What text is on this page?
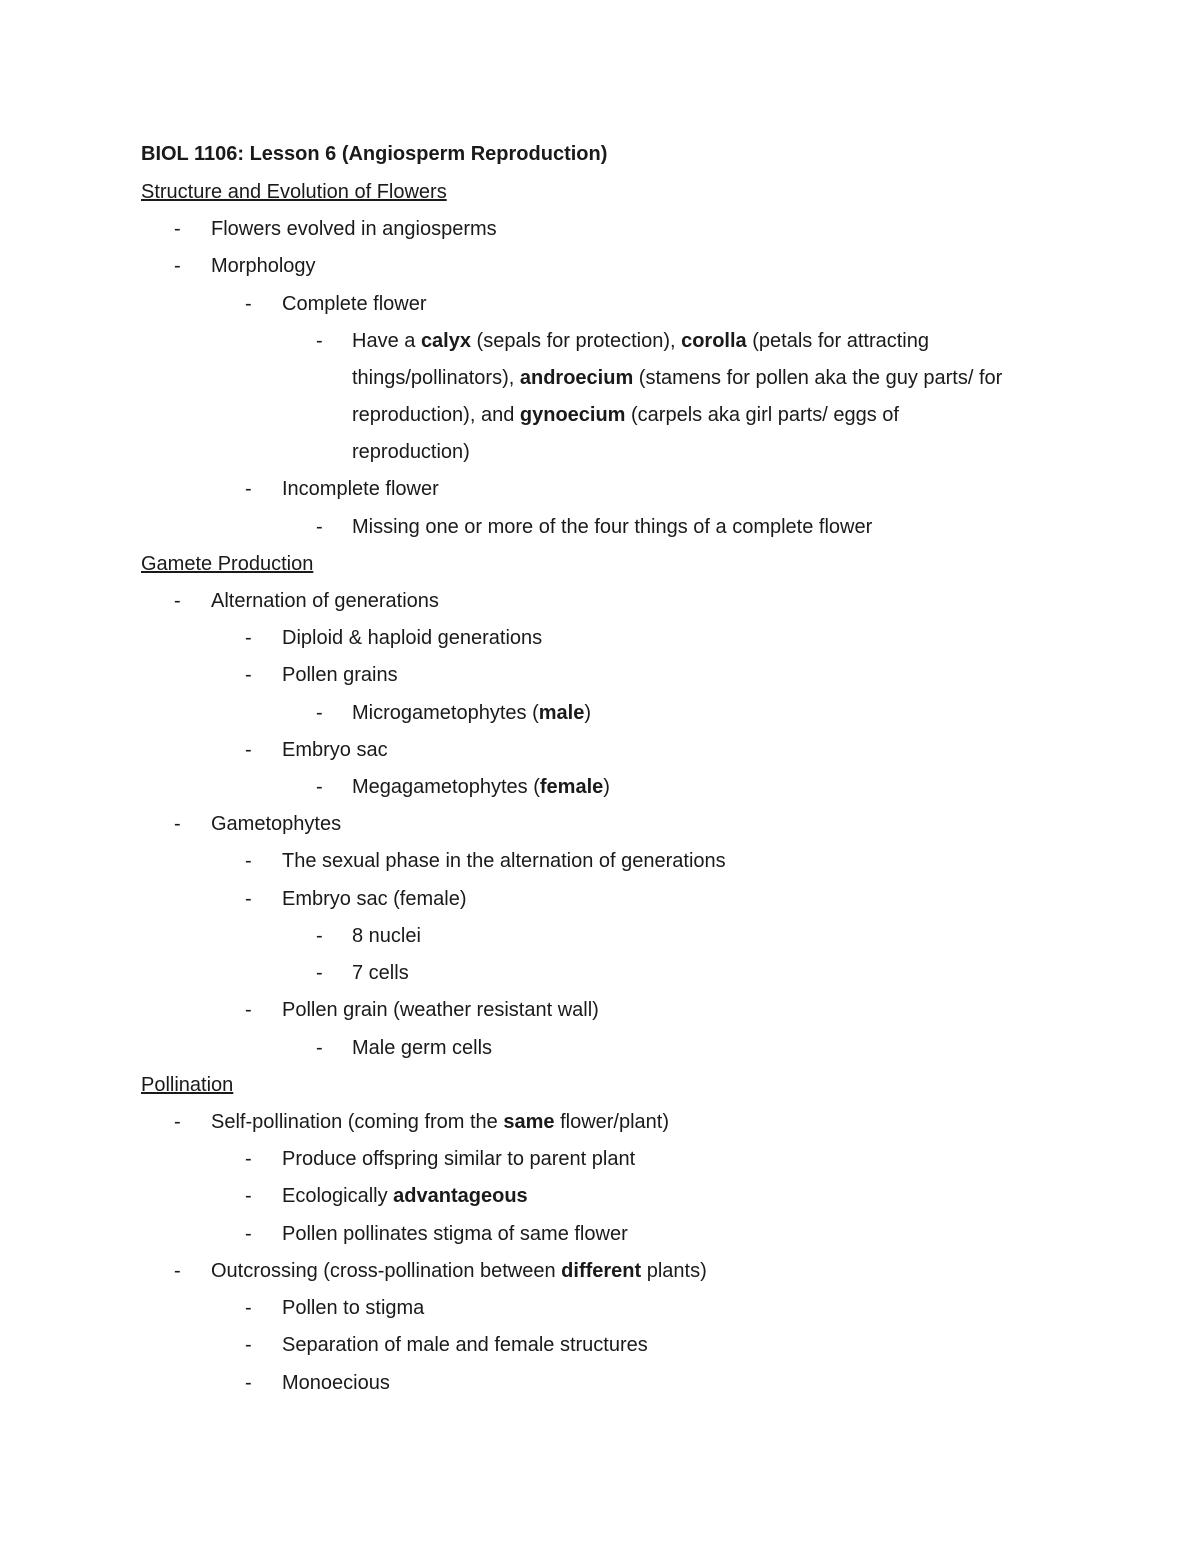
BIOL 1106: Lesson 6 (Angiosperm Reproduction)
Structure and Evolution of Flowers
- Flowers evolved in angiosperms
- Morphology
- Complete flower
- Have a calyx (sepals for protection), corolla (petals for attracting
things/pollinators), androecium (stamens for pollen aka the guy parts/ for
reproduction), and gynoecium (carpels aka girl parts/ eggs of
reproduction)
- Incomplete flower
- Missing one or more of the four things of a complete flower
Gamete Production
- Alternation of generations
- Diploid & haploid generations
- Pollen grains
- Microgametophytes (male)
- Embryo sac
- Megagametophytes (female)
- Gametophytes
- The sexual phase in the alternation of generations
- Embryo sac (female)
- 8 nuclei
- 7 cells
- Pollen grain (weather resistant wall)
- Male germ cells
Pollination
- Self-pollination (coming from the same flower/plant)
- Produce offspring similar to parent plant
- Ecologically advantageous
- Pollen pollinates stigma of same flower
- Outcrossing (cross-pollination between different plants)
- Pollen to stigma
- Separation of male and female structures
- Monoecious
